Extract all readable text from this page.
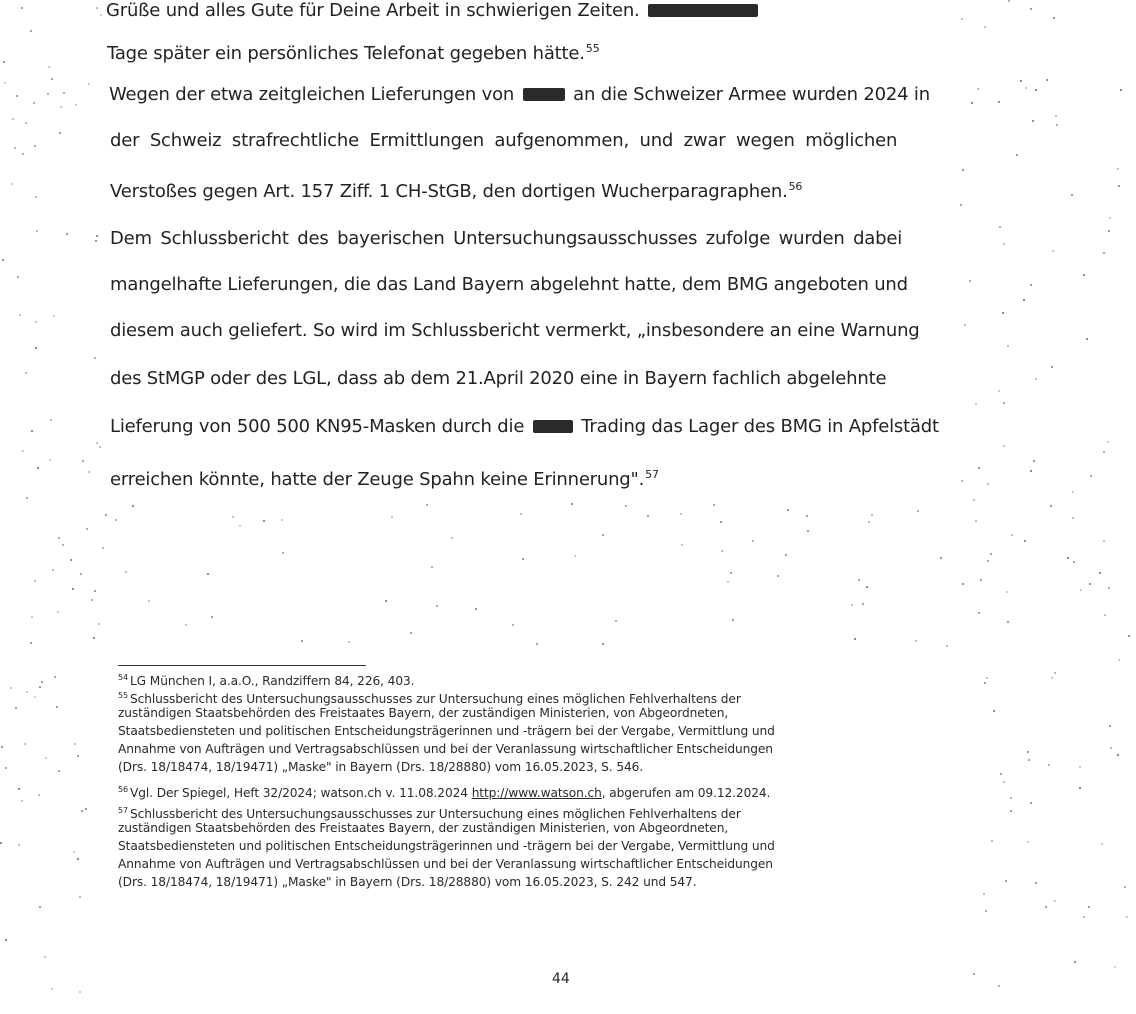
Grüße und alles Gute für Deine Arbeit in schwierigen Zeiten.
Tage später ein persönliches Telefonat gegeben hätte.$^{55}$
Wegen der etwa zeitgleichen Lieferungen von	an die Schweizer Armee wurden 2024 in
der Schweiz strafrechtliche Ermittlungen aufgenommen, und zwar wegen möglichen
Verstoßes gegen Art. 157 Ziff. 1 CH-StGB, den dortigen Wucherparagraphen.$^{56}$
Dem Schlussbericht des bayerischen Untersuchungsausschusses zufolge wurden dabei
mangelhafte Lieferungen, die das Land Bayern abgelehnt hatte, dem BMG angeboten und
diesem auch geliefert. So wird im Schlussbericht vermerkt, „insbesondere an eine Warnung
des StMGP oder des LGL, dass ab dem 21.April 2020 eine in Bayern fachlich abgelehnte
Lieferung von 500 500 KN95-Masken durch die	Trading das Lager des BMG in Apfelstädt
erreichen könnte, hatte der Zeuge Spahn keine Erinnerung".$^{57}$
$^{54}$ LG München I, a.a.O., Randziffern 84, 226, 403.
$^{55}$ Schlussbericht des Untersuchungsausschusses zur Untersuchung eines möglichen Fehlverhaltens der
zuständigen Staatsbehörden des Freistaates Bayern, der zuständigen Ministerien, von Abgeordneten,
Staatsbediensteten und politischen Entscheidungsträgerinnen und -trägern bei der Vergabe, Vermittlung und
Annahme von Aufträgen und Vertragsabschlüssen und bei der Veranlassung wirtschaftlicher Entscheidungen
(Drs. 18/18474, 18/19471) „Maske" in Bayern (Drs. 18/28880) vom 16.05.2023, S. 546.
$^{56}$ Vgl. Der Spiegel, Heft 32/2024; watson.ch v. 11.08.2024 http://www.watson.ch, abgerufen am 09.12.2024.
$^{57}$ Schlussbericht des Untersuchungsausschusses zur Untersuchung eines möglichen Fehlverhaltens der
zuständigen Staatsbehörden des Freistaates Bayern, der zuständigen Ministerien, von Abgeordneten,
Staatsbediensteten und politischen Entscheidungsträgerinnen und -trägern bei der Vergabe, Vermittlung und
Annahme von Aufträgen und Vertragsabschlüssen und bei der Veranlassung wirtschaftlicher Entscheidungen
(Drs. 18/18474, 18/19471) „Maske" in Bayern (Drs. 18/28880) vom 16.05.2023, S. 242 und 547.
44
